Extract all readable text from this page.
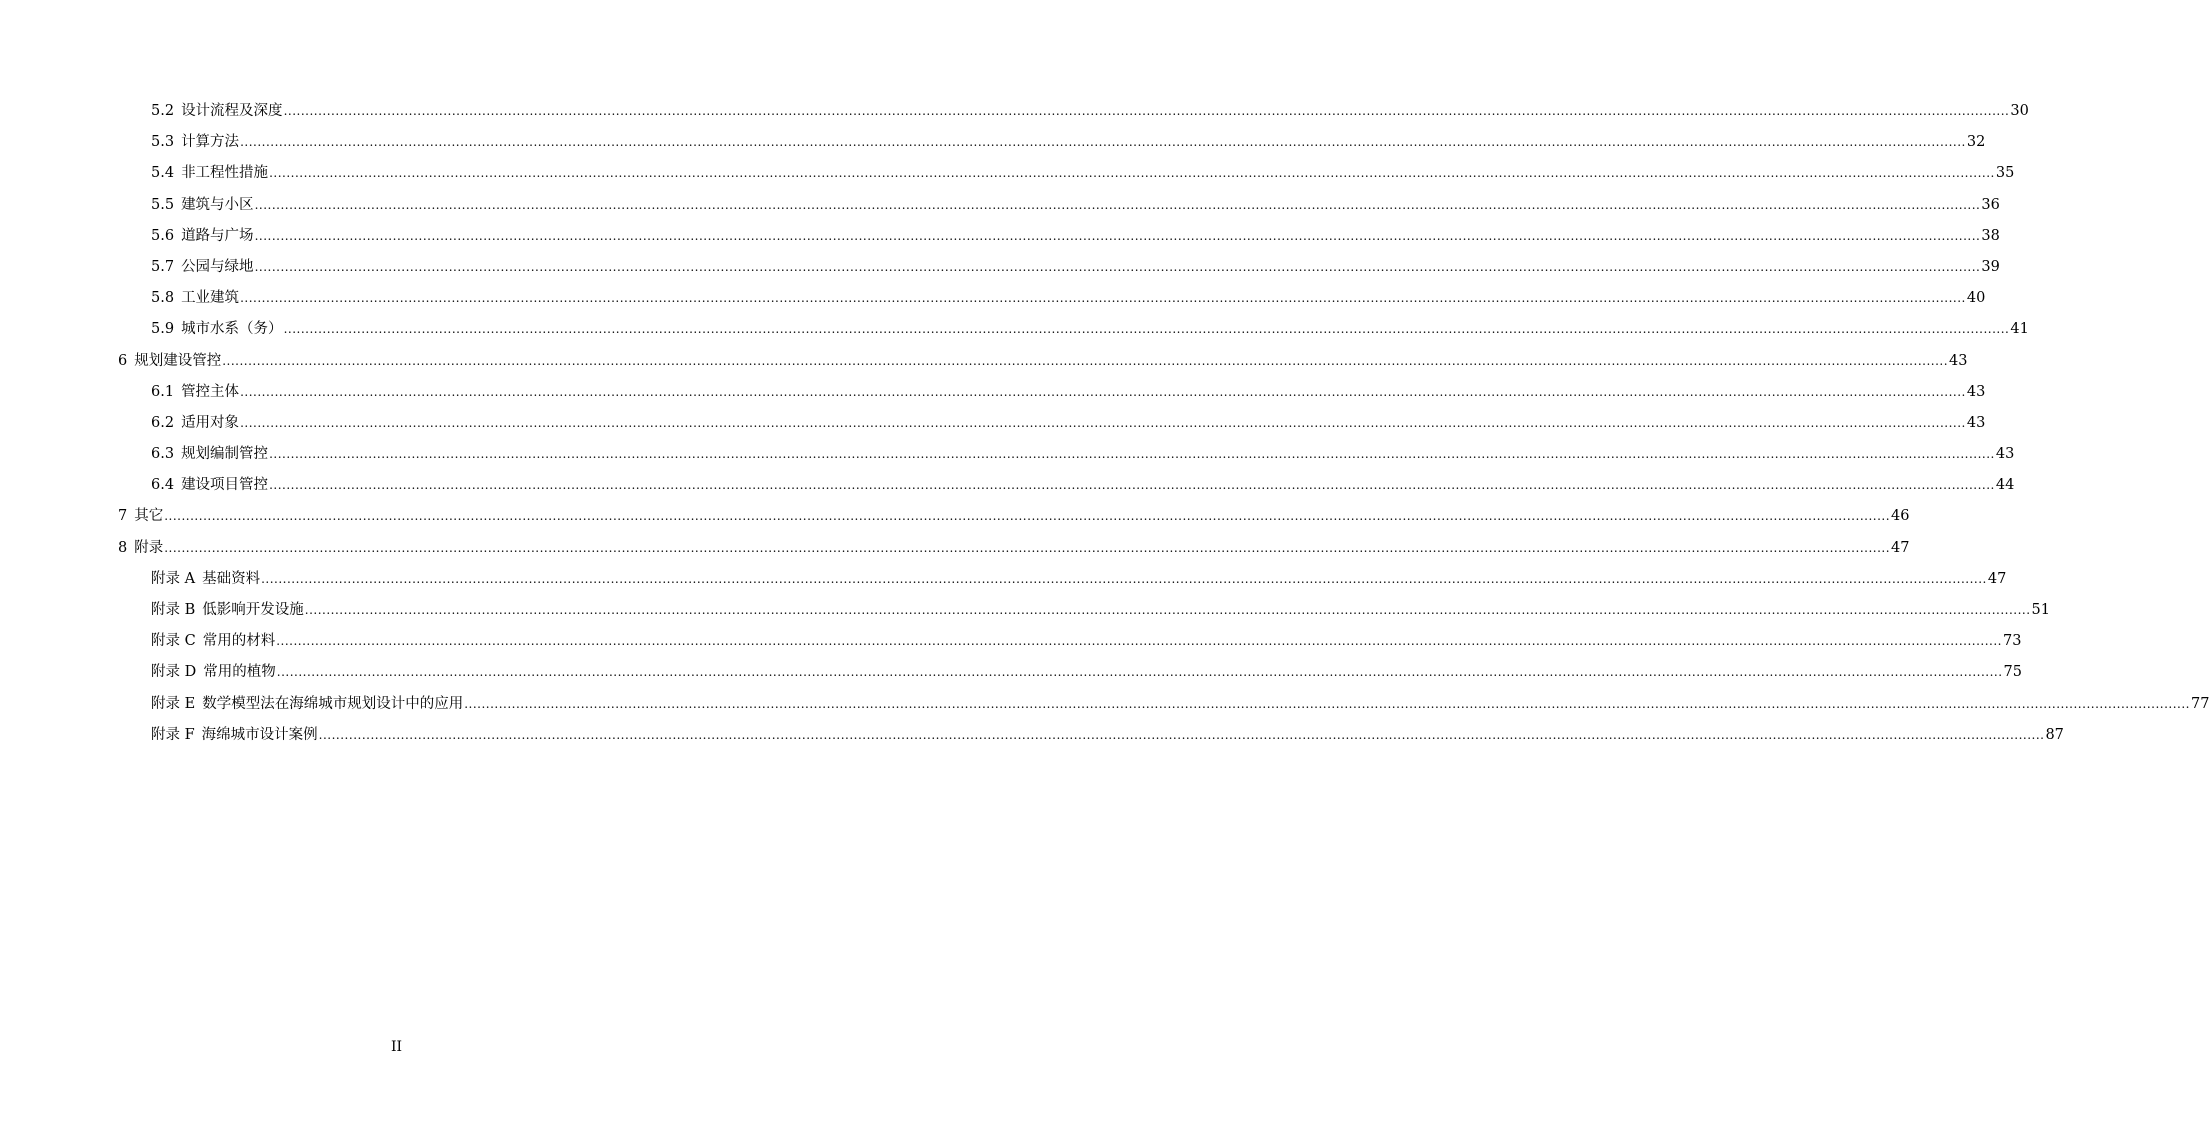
5.2 设计流程及深度 ................................................................................................................................................................................................................................................................................................................................................................................................................ 30
5.3 计算方法 ................................................................................................................................................................................................................................................................................................................................................................................................................ 32
5.4 非工程性措施 ................................................................................................................................................................................................................................................................................................................................................................................................................ 35
5.5 建筑与小区 ................................................................................................................................................................................................................................................................................................................................................................................................................ 36
5.6 道路与广场 ................................................................................................................................................................................................................................................................................................................................................................................................................ 38
5.7 公园与绿地 ................................................................................................................................................................................................................................................................................................................................................................................................................ 39
5.8 工业建筑 ................................................................................................................................................................................................................................................................................................................................................................................................................ 40
5.9 城市水系（务） ................................................................................................................................................................................................................................................................................................................................................................................................................ 41
6 规划建设管控 ................................................................................................................................................................................................................................................................................................................................................................................................................ 43
6.1 管控主体 ................................................................................................................................................................................................................................................................................................................................................................................................................ 43
6.2 适用对象 ................................................................................................................................................................................................................................................................................................................................................................................................................ 43
6.3 规划编制管控 ................................................................................................................................................................................................................................................................................................................................................................................................................ 43
6.4 建设项目管控 ................................................................................................................................................................................................................................................................................................................................................................................................................ 44
7 其它 ................................................................................................................................................................................................................................................................................................................................................................................................................ 46
8 附录 ................................................................................................................................................................................................................................................................................................................................................................................................................ 47
附录 A 基础资料 ................................................................................................................................................................................................................................................................................................................................................................................................................ 47
附录 B 低影响开发设施 ................................................................................................................................................................................................................................................................................................................................................................................................................ 51
附录 C 常用的材料 ................................................................................................................................................................................................................................................................................................................................................................................................................ 73
附录 D 常用的植物 ................................................................................................................................................................................................................................................................................................................................................................................................................ 75
附录 E 数学模型法在海绵城市规划设计中的应用 ................................................................................................................................................................................................................................................................................................................................................................................................................ 77
附录 F 海绵城市设计案例 ................................................................................................................................................................................................................................................................................................................................................................................................................ 87
II
